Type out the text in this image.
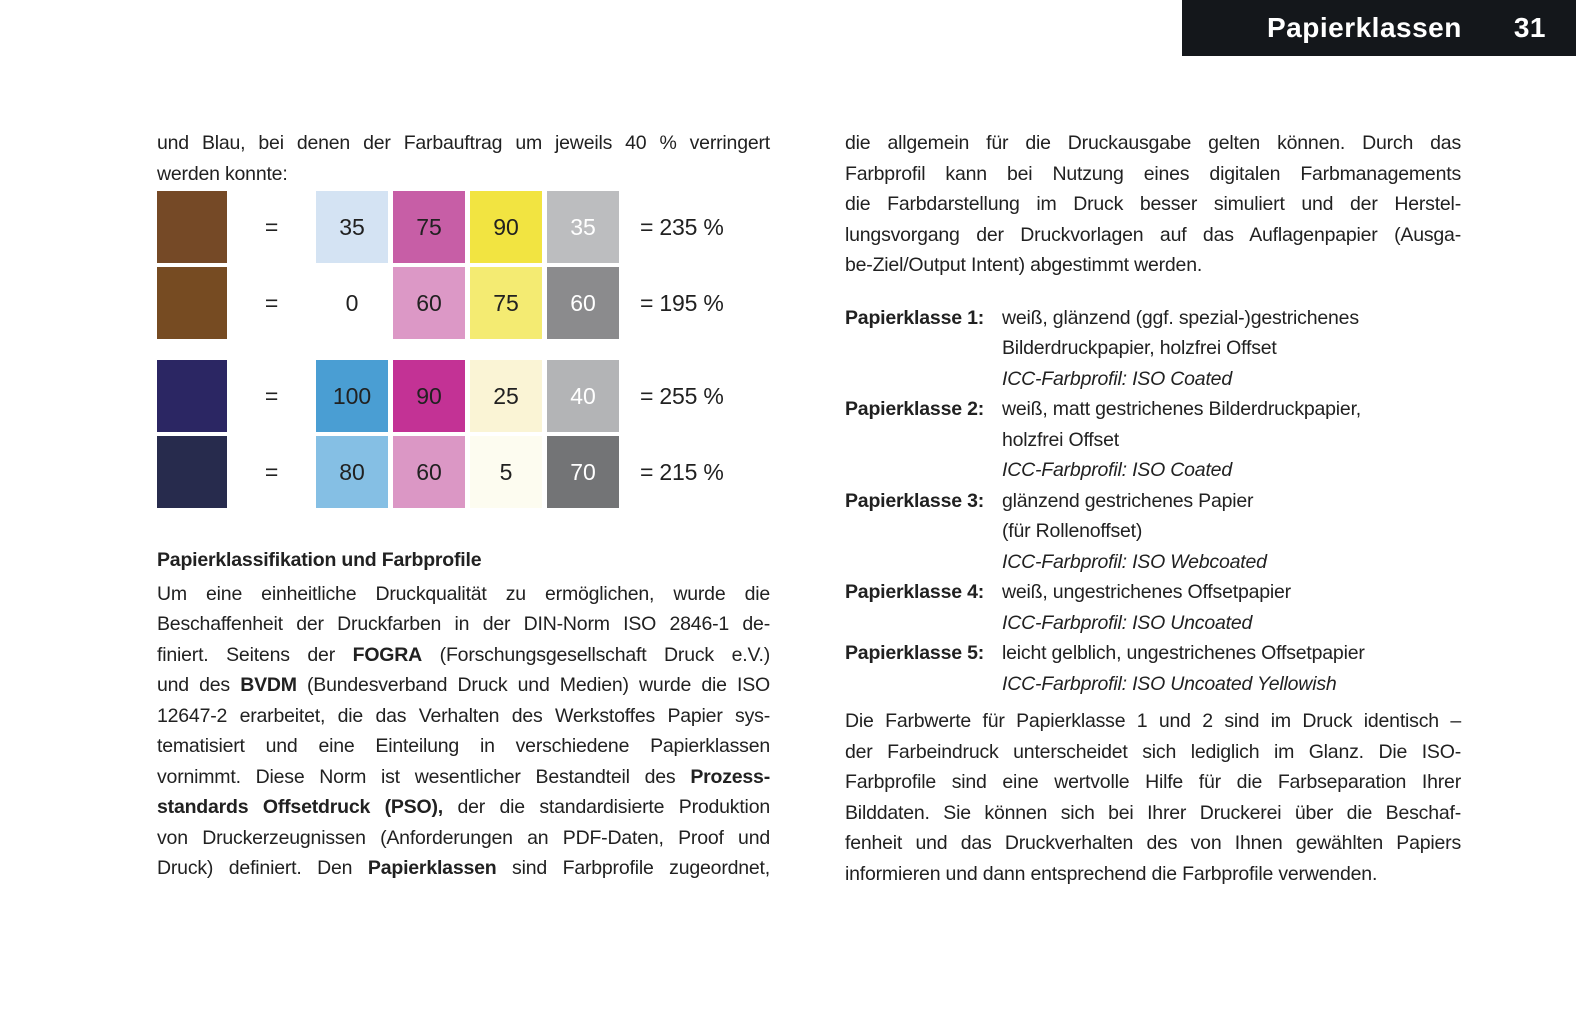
Papierklassen 31
und Blau, bei denen der Farbauftrag um jeweils 40 % verringert
werden konnte:
=	35	75	90	35	= 235 %
=	0	60	75	60	= 195 %
=	100	90	25	40	= 255 %
=	80	60	5	70	= 215 %
Papierklassifikation und Farbprofile
Um eine einheitliche Druckqualität zu ermöglichen, wurde die
Beschaffenheit der Druckfarben in der DIN-Norm ISO 2846-1 de-
finiert. Seitens der FOGRA (Forschungsgesellschaft Druck e.V.)
und des BVDM (Bundesverband Druck und Medien) wurde die ISO
12647-2 erarbeitet, die das Verhalten des Werkstoffes Papier sys-
tematisiert und eine Einteilung in verschiedene Papierklassen
vornimmt. Diese Norm ist wesentlicher Bestandteil des Prozess-
standards Offsetdruck (PSO), der die standardisierte Produktion
von Druckerzeugnissen (Anforderungen an PDF-Daten, Proof und
Druck) definiert. Den Papierklassen sind Farbprofile zugeordnet,
die allgemein für die Druckausgabe gelten können. Durch das
Farbprofil kann bei Nutzung eines digitalen Farbmanagements
die Farbdarstellung im Druck besser simuliert und der Herstel-
lungsvorgang der Druckvorlagen auf das Auflagenpapier (Ausga-
be-Ziel/Output Intent) abgestimmt werden.
Papierklasse 1: weiß, glänzend (ggf. spezial-)gestrichenes
Bilderdruckpapier, holzfrei Offset
ICC-Farbprofil: ISO Coated
Papierklasse 2: weiß, matt gestrichenes Bilderdruckpapier,
holzfrei Offset
ICC-Farbprofil: ISO Coated
Papierklasse 3: glänzend gestrichenes Papier
(für Rollenoffset)
ICC-Farbprofil: ISO Webcoated
Papierklasse 4: weiß, ungestrichenes Offsetpapier
ICC-Farbprofil: ISO Uncoated
Papierklasse 5: leicht gelblich, ungestrichenes Offsetpapier
ICC-Farbprofil: ISO Uncoated Yellowish
Die Farbwerte für Papierklasse 1 und 2 sind im Druck identisch –
der Farbeindruck unterscheidet sich lediglich im Glanz. Die ISO-
Farbprofile sind eine wertvolle Hilfe für die Farbseparation Ihrer
Bilddaten. Sie können sich bei Ihrer Druckerei über die Beschaf-
fenheit und das Druckverhalten des von Ihnen gewählten Papiers
informieren und dann entsprechend die Farbprofile verwenden.
